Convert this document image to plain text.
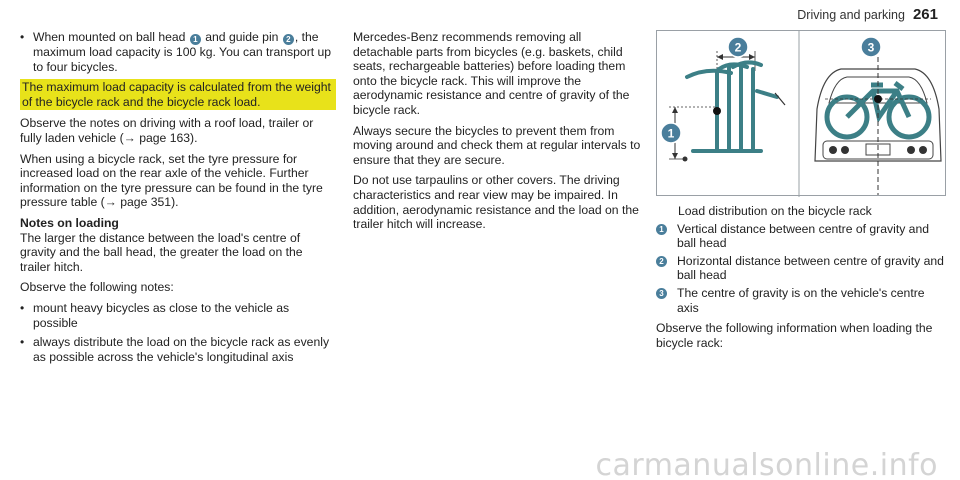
Driving and parking 261
• When mounted on ball head 1 and guide pin 2 , the maximum load capacity is 100 kg. You can transport up to four bicycles.

The maximum load capacity is calculated from the weight of the bicycle rack and the bicycle rack load.

Observe the notes on driving with a roof load, trailer or fully laden vehicle (→ page 163).

When using a bicycle rack, set the tyre pressure for increased load on the rear axle of the vehicle. Further information on the tyre pressure can be found in the tyre pressure table (→ page 351).

Notes on loading

The larger the distance between the load's centre of gravity and the ball head, the greater the load on the trailer hitch.

Observe the following notes:

• mount heavy bicycles as close to the vehicle as possible
• always distribute the load on the bicycle rack as evenly as possible across the vehicle's longitudinal axis

Mercedes-Benz recommends removing all detachable parts from bicycles (e.g. baskets, child seats, rechargeable batteries) before loading them onto the bicycle rack. This will improve the aerodynamic resistance and centre of gravity of the bicycle rack.

Always secure the bicycles to prevent them from moving around and check them at regular intervals to ensure that they are secure.

Do not use tarpaulins or other covers. The driving characteristics and rear view may be impaired. In addition, aerodynamic resistance and the load on the trailer hitch will increase.

1
2	3
Load distribution on the bicycle rack
1 Vertical distance between centre of gravity and ball head
2 Horizontal distance between centre of gravity and ball head
3 The centre of gravity is on the vehicle's centre axis

Observe the following information when loading the bicycle rack:

carmanualsonline.info
